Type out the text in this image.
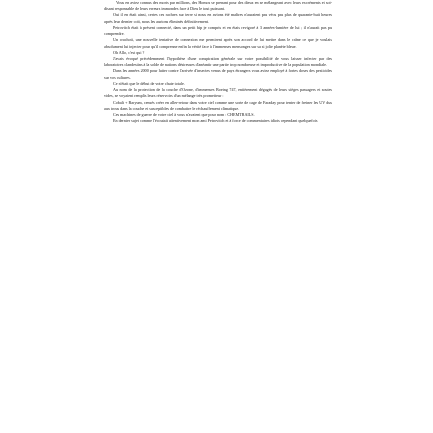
Vous en aviez connus des morts par millions, des Homos se prenant pour des dieux en se mélangeant avec leurs excréments et soi-disant responsable de leurs erreurs immondes face à Dieu le tout puissant.

Oui il en était ainsi, certes ces rachres sur terre si nous en avions été maîtres n'auraient pas vécu pas plus de quarante-huit heures après leur dernier coït, nous les aurions éliminés définitivement.

Petrovitch était à présent connecté, dans un petit bip je compris et en étais revigoré à 3 années-lumière de lui ; il n'aurait pas pu comprendre.

Un crachoti, une nouvelle tentative de connexion me permirent après son accord de lui mettre dans le crâne ce que je voulais absolument lui injecter pour qu'il comprenne enfin la vérité face à l'immenses mensonges sur sa si jolie planète bleue.

Oh Allo, c'est qui ?

J'avais évoqué précédemment l'hypothèse d'une conspiration générale sur votre possibilité de vous laisser infecter par des laboratoires clandestins à la solde de nations désireuses d'anéantir une partie trop nombreuse et improductive de la population mondiale.

Dans les années 2000 pour lutter contre l'arrivée d'insectes venus de pays étrangers vous aviez employé à fortes doses des pesticides sur vos cultures.

Ce n'était que le début de votre chute totale.

Au nom de la protection de la couche d'Ozone, d'immenses Boeing 747, entièrement dégagés de leurs sièges passagers et soutes vides, se voyaient remplis leurs réservoirs d'un mélange très prometteur :

Cobalt + Baryum, censés créer en aller-retour dans votre ciel comme une sorte de cage de Faraday pour tenter de freiner les UV dus aux trous dans la couche et susceptibles de combattre le réchauffement climatique.

Ces machines de guerre de votre ciel à vous n'avaient que pour nom : CHEMTRAILS.

En dernier sujet comme l'écoutait attentivement mon ami Petrovitch et à force de commentaires idiots cependant quelquefois
